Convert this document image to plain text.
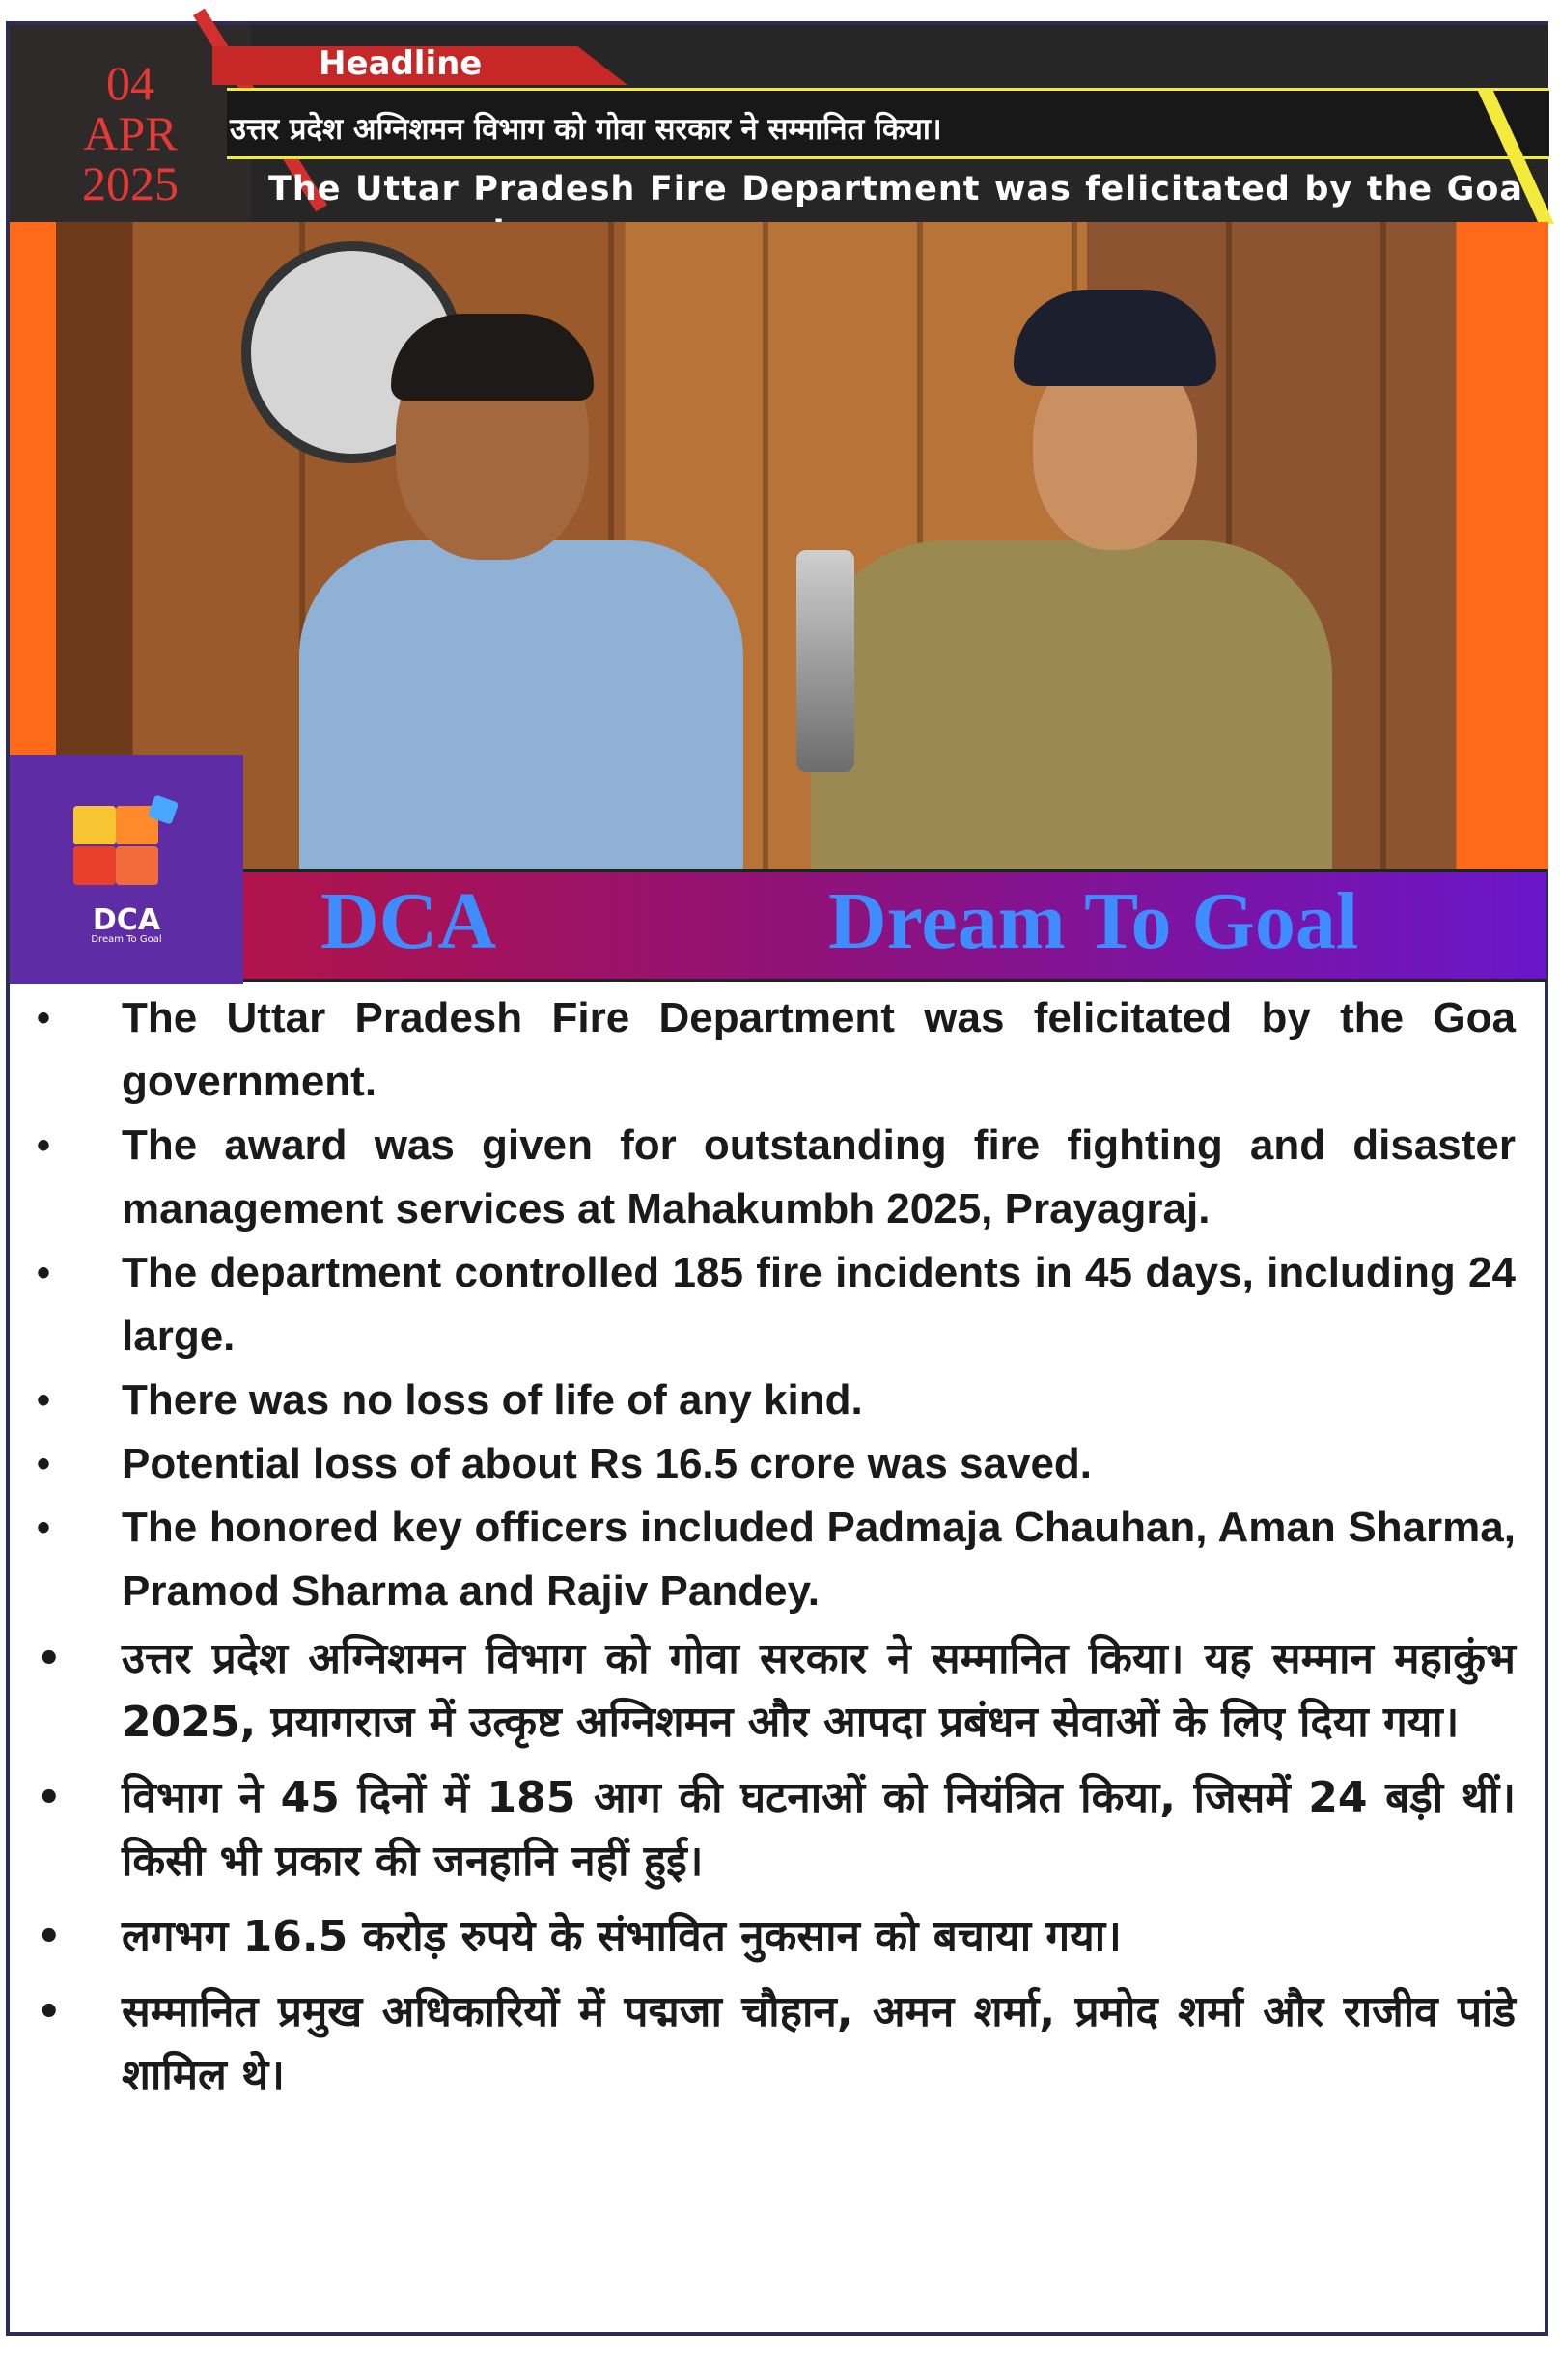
04
APR
2025
Headline
उत्तर प्रदेश अग्निशमन विभाग को गोवा सरकार ने सम्मानित किया।
The Uttar Pradesh Fire Department was felicitated by the Goa
DCA
Dream To Goal	DCA	Dream To Goal
• The Uttar Pradesh Fire Department was felicitated by the Goa government.
• The award was given for outstanding fire fighting and disaster management services at Mahakumbh 2025, Prayagraj.
• The department controlled 185 fire incidents in 45 days, including 24 large.
• There was no loss of life of any kind.
• Potential loss of about Rs 16.5 crore was saved.
• The honored key officers included Padmaja Chauhan, Aman Sharma, Pramod Sharma and Rajiv Pandey.
• उत्तर प्रदेश अग्निशमन विभाग को गोवा सरकार ने सम्मानित किया। यह सम्मान महाकुंभ 2025, प्रयागराज में उत्कृष्ट अग्निशमन और आपदा प्रबंधन सेवाओं के लिए दिया गया।
• विभाग ने 45 दिनों में 185 आग की घटनाओं को नियंत्रित किया, जिसमें 24 बड़ी थीं। किसी भी प्रकार की जनहानि नहीं हुई।
• लगभग 16.5 करोड़ रुपये के संभावित नुकसान को बचाया गया।
• सम्मानित प्रमुख अधिकारियों में पद्मजा चौहान, अमन शर्मा, प्रमोद शर्मा और राजीव पांडे शामिल थे।
